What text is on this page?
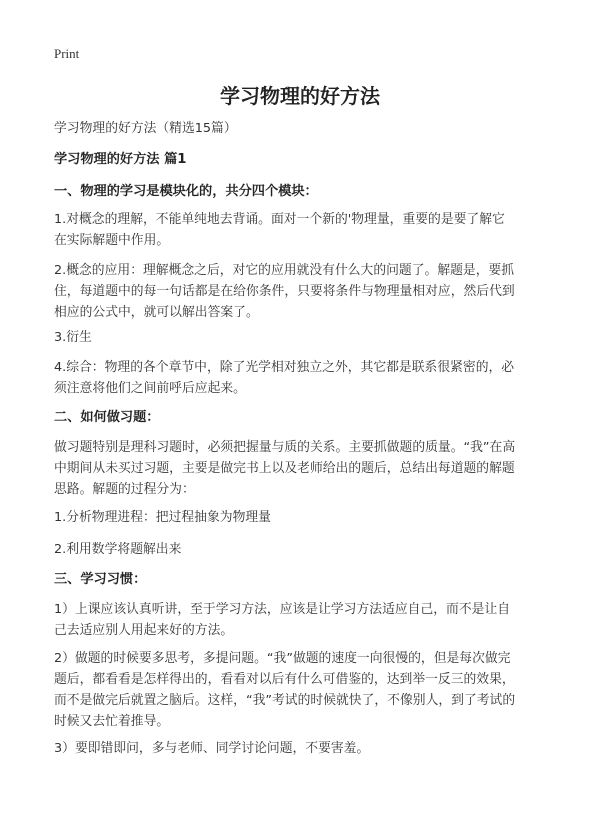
Print
学习物理的好方法
学习物理的好方法（精选15篇）
学习物理的好方法 篇1
一、物理的学习是模块化的，共分四个模块：
1.对概念的理解，不能单纯地去背诵。面对一个新的'物理量，重要的是要了解它
在实际解题中作用。
2.概念的应用：理解概念之后，对它的应用就没有什么大的问题了。解题是，要抓
住，每道题中的每一句话都是在给你条件，只要将条件与物理量相对应，然后代到
相应的公式中，就可以解出答案了。
3.衍生
4.综合：物理的各个章节中，除了光学相对独立之外，其它都是联系很紧密的，必
须注意将他们之间前呼后应起来。
二、如何做习题：
做习题特别是理科习题时，必须把握量与质的关系。主要抓做题的质量。“我”在高
中期间从未买过习题，主要是做完书上以及老师给出的题后，总结出每道题的解题
思路。解题的过程分为：
1.分析物理进程：把过程抽象为物理量
2.利用数学将题解出来
三、学习习惯：
1）上课应该认真听讲，至于学习方法，应该是让学习方法适应自己，而不是让自
己去适应别人用起来好的方法。
2）做题的时候要多思考，多提问题。“我”做题的速度一向很慢的，但是每次做完
题后，都看看是怎样得出的，看看对以后有什么可借鉴的，达到举一反三的效果，
而不是做完后就置之脑后。这样，“我”考试的时候就快了，不像别人，到了考试的
时候又去忙着推导。
3）要即错即问，多与老师、同学讨论问题，不要害羞。
